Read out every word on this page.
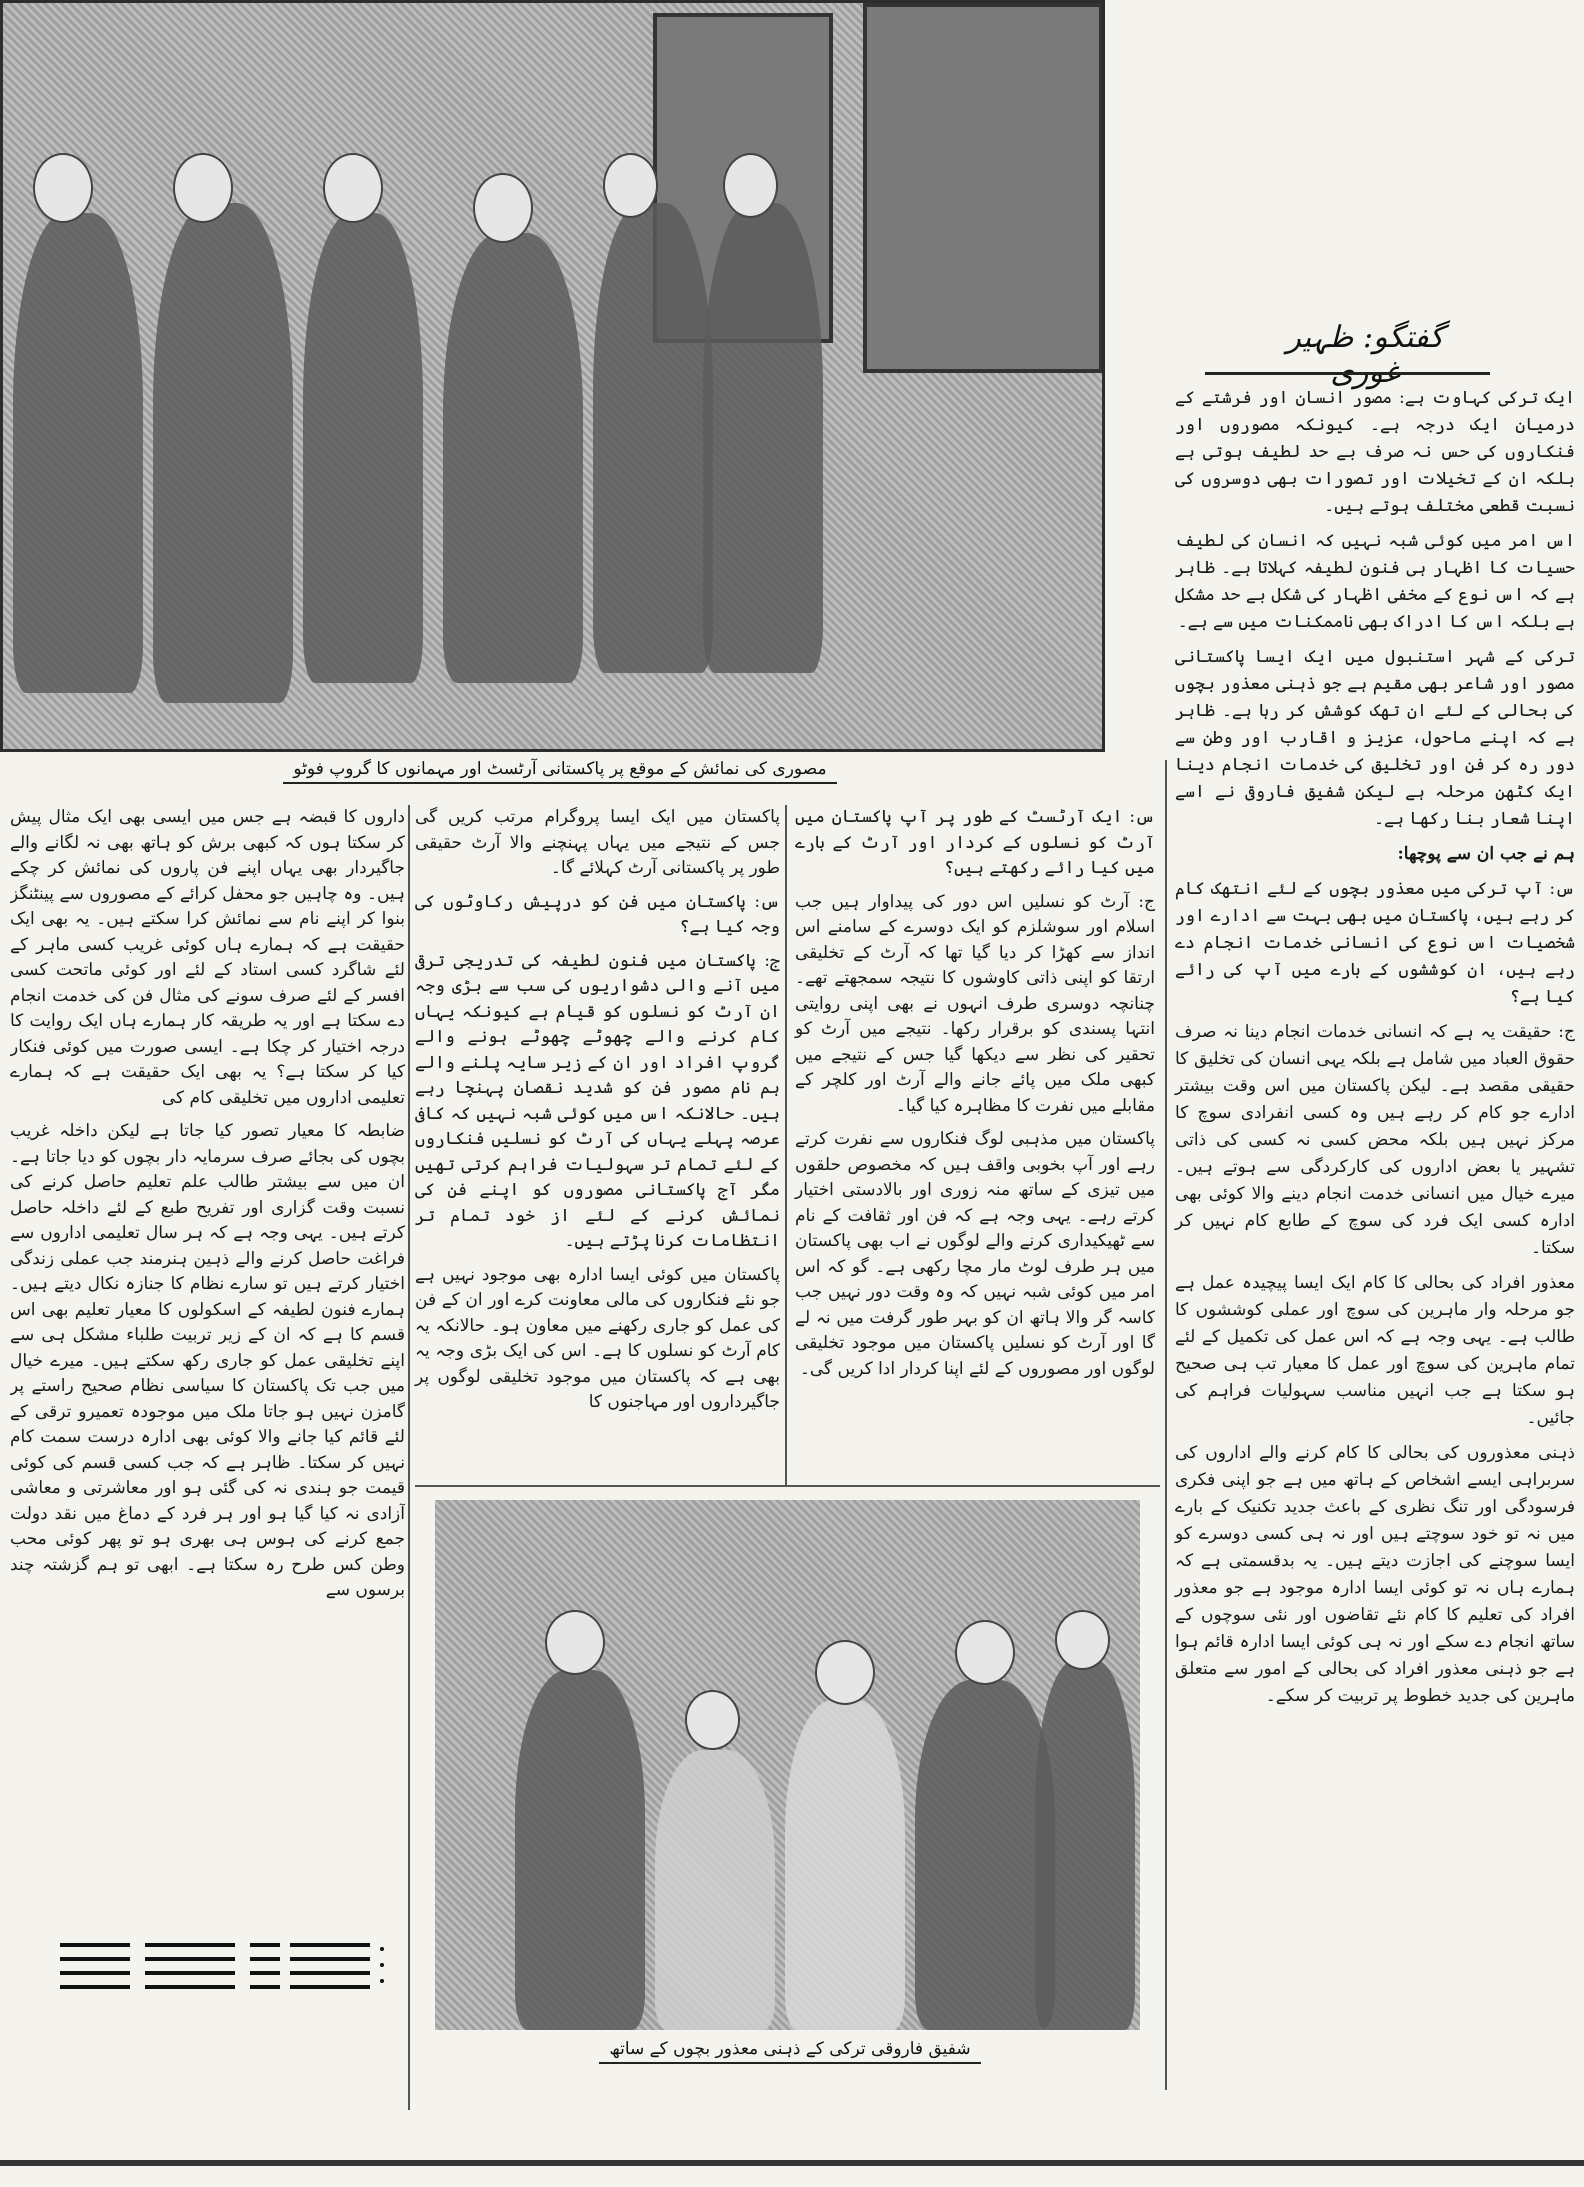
مصوری کی نمائش کے موقع پر پاکستانی آرٹسٹ اور مہمانوں کا گروپ فوٹو
گفتگو: ظہیر غوری

ایک ترکی کہاوت ہے: مصور انسان اور فرشتے کے درمیان ایک درجہ ہے۔ کیونکہ مصوروں اور فنکاروں کی حس نہ صرف بے حد لطیف ہوتی ہے بلکہ ان کے تخیلات اور تصورات بھی دوسروں کی نسبت قطعی مختلف ہوتے ہیں۔

اس امر میں کوئی شبہ نہیں کہ انسان کی لطیف حسیات کا اظہار ہی فنون لطیفہ کہلاتا ہے۔ ظاہر ہے کہ اس نوع کے مخفی اظہار کی شکل بے حد مشکل ہے بلکہ اس کا ادراک بھی ناممکنات میں سے ہے۔

ترکی کے شہر استنبول میں ایک ایسا پاکستانی مصور اور شاعر بھی مقیم ہے جو ذہنی معذور بچوں کی بحالی کے لئے ان تھک کوشش کر رہا ہے۔ ظاہر ہے کہ اپنے ماحول، عزیز و اقارب اور وطن سے دور رہ کر فن اور تخلیق کی خدمات انجام دینا ایک کٹھن مرحلہ ہے لیکن شفیق فاروقی نے اسے اپنا شعار بنا رکھا ہے۔

ہم نے جب ان سے پوچھا:

س: آپ ترکی میں معذور بچوں کے لئے انتھک کام کر رہے ہیں، پاکستان میں بھی بہت سے ادارے اور شخصیات اس نوع کی انسانی خدمات انجام دے رہے ہیں، ان کوششوں کے بارے میں آپ کی رائے کیا ہے؟

ج: حقیقت یہ ہے کہ انسانی خدمات انجام دینا نہ صرف حقوق العباد میں شامل ہے بلکہ یہی انسان کی تخلیق کا حقیقی مقصد ہے۔ لیکن پاکستان میں اس وقت بیشتر ادارے جو کام کر رہے ہیں وہ کسی انفرادی سوچ کا مرکز نہیں ہیں بلکہ محض کسی نہ کسی کی ذاتی تشہیر یا بعض اداروں کی کارکردگی سے ہوتے ہیں۔ میرے خیال میں انسانی خدمت انجام دینے والا کوئی بھی ادارہ کسی ایک فرد کی سوچ کے طابع کام نہیں کر سکتا۔

معذور افراد کی بحالی کا کام ایک ایسا پیچیدہ عمل ہے جو مرحلہ وار ماہرین کی سوچ اور عملی کوششوں کا طالب ہے۔ یہی وجہ ہے کہ اس عمل کی تکمیل کے لئے تمام ماہرین کی سوچ اور عمل کا معیار تب ہی صحیح ہو سکتا ہے جب انہیں مناسب سہولیات فراہم کی جائیں۔

ذہنی معذوروں کی بحالی کا کام کرنے والے اداروں کی سربراہی ایسے اشخاص کے ہاتھ میں ہے جو اپنی فکری فرسودگی اور تنگ نظری کے باعث جدید تکنیک کے بارے میں نہ تو خود سوچتے ہیں اور نہ ہی کسی دوسرے کو ایسا سوچنے کی اجازت دیتے ہیں۔ یہ بدقسمتی ہے کہ ہمارے ہاں نہ تو کوئی ایسا ادارہ موجود ہے جو معذور افراد کی تعلیم کا کام نئے تقاضوں اور نئی سوچوں کے ساتھ انجام دے سکے اور نہ ہی کوئی ایسا ادارہ قائم ہوا ہے جو ذہنی معذور افراد کی بحالی کے امور سے متعلق ماہرین کی جدید خطوط پر تربیت کر سکے۔

س: ایک آرٹسٹ کے طور پر آپ پاکستان میں آرٹ کو نسلوں کے کردار اور آرٹ کے بارے میں کیا رائے رکھتے ہیں؟

ج: آرٹ کو نسلیں اس دور کی پیداوار ہیں جب اسلام اور سوشلزم کو ایک دوسرے کے سامنے اس انداز سے کھڑا کر دیا گیا تھا کہ آرٹ کے تخلیقی ارتقا کو اپنی ذاتی کاوشوں کا نتیجہ سمجھتے تھے۔ چنانچہ دوسری طرف انہوں نے بھی اپنی روایتی انتہا پسندی کو برقرار رکھا۔ نتیجے میں آرٹ کو تحقیر کی نظر سے دیکھا گیا جس کے نتیجے میں کبھی ملک میں پائے جانے والے آرٹ اور کلچر کے مقابلے میں نفرت کا مظاہرہ کیا گیا۔

پاکستان میں مذہبی لوگ فنکاروں سے نفرت کرتے رہے اور آپ بخوبی واقف ہیں کہ مخصوص حلقوں میں تیزی کے ساتھ منہ زوری اور بالادستی اختیار کرتے رہے۔ یہی وجہ ہے کہ فن اور ثقافت کے نام سے ٹھیکیداری کرنے والے لوگوں نے اب بھی پاکستان میں ہر طرف لوٹ مار مچا رکھی ہے۔ گو کہ اس امر میں کوئی شبہ نہیں کہ وہ وقت دور نہیں جب کاسہ گر والا ہاتھ ان کو بہر طور گرفت میں نہ لے گا اور آرٹ کو نسلیں پاکستان میں موجود تخلیقی لوگوں اور مصوروں کے لئے اپنا کردار ادا کریں گی۔

پاکستان میں ایک ایسا پروگرام مرتب کریں گی جس کے نتیجے میں یہاں پہنچنے والا آرٹ حقیقی طور پر پاکستانی آرٹ کہلائے گا۔

س: پاکستان میں فن کو درپیش رکاوٹوں کی وجہ کیا ہے؟

ج: پاکستان میں فنون لطیفہ کی تدریجی ترقی میں آنے والی دشواریوں کی سب سے بڑی وجہ ان آرٹ کو نسلوں کو قیام ہے کیونکہ یہاں کام کرنے والے چھوٹے چھوٹے ہونے والے گروپ افراد اور ان کے زیر سایہ پلنے والے ہم نام مصور فن کو شدید نقصان پہنچا رہے ہیں۔ حالانکہ اس میں کوئی شبہ نہیں کہ کافی عرصہ پہلے یہاں کی آرٹ کو نسلیں فنکاروں کے لئے تمام تر سہولیات فراہم کرتی تھیں مگر آج پاکستانی مصوروں کو اپنے فن کی نمائش کرنے کے لئے از خود تمام تر انتظامات کرنا پڑتے ہیں۔

پاکستان میں کوئی ایسا ادارہ بھی موجود نہیں ہے جو نئے فنکاروں کی مالی معاونت کرے اور ان کے فن کی عمل کو جاری رکھنے میں معاون ہو۔ حالانکہ یہ کام آرٹ کو نسلوں کا ہے۔ اس کی ایک بڑی وجہ یہ بھی ہے کہ پاکستان میں موجود تخلیقی لوگوں پر جاگیرداروں اور مہاجنوں کا

داروں کا قبضہ ہے جس میں ایسی بھی ایک مثال پیش کر سکتا ہوں کہ کبھی برش کو ہاتھ بھی نہ لگانے والے جاگیردار بھی یہاں اپنے فن پاروں کی نمائش کر چکے ہیں۔ وہ چاہیں جو محفل کرائے کے مصوروں سے پینٹنگز بنوا کر اپنے نام سے نمائش کرا سکتے ہیں۔ یہ بھی ایک حقیقت ہے کہ ہمارے ہاں کوئی غریب کسی ماہر کے لئے شاگرد کسی استاد کے لئے اور کوئی ماتحت کسی افسر کے لئے صرف سونے کی مثال فن کی خدمت انجام دے سکتا ہے اور یہ طریقہ کار ہمارے ہاں ایک روایت کا درجہ اختیار کر چکا ہے۔ ایسی صورت میں کوئی فنکار کیا کر سکتا ہے؟ یہ بھی ایک حقیقت ہے کہ ہمارے تعلیمی اداروں میں تخلیقی کام کی

ضابطہ کا معیار تصور کیا جاتا ہے لیکن داخلہ غریب بچوں کی بجائے صرف سرمایہ دار بچوں کو دیا جاتا ہے۔ ان میں سے بیشتر طالب علم تعلیم حاصل کرنے کی نسبت وقت گزاری اور تفریح طبع کے لئے داخلہ حاصل کرتے ہیں۔ یہی وجہ ہے کہ ہر سال تعلیمی اداروں سے فراغت حاصل کرنے والے ذہین ہنرمند جب عملی زندگی اختیار کرتے ہیں تو سارے نظام کا جنازہ نکال دیتے ہیں۔ ہمارے فنون لطیفہ کے اسکولوں کا معیار تعلیم بھی اس قسم کا ہے کہ ان کے زیر تربیت طلباء مشکل ہی سے اپنے تخلیقی عمل کو جاری رکھ سکتے ہیں۔ میرے خیال میں جب تک پاکستان کا سیاسی نظام صحیح راستے پر گامزن نہیں ہو جاتا ملک میں موجودہ تعمیرو ترقی کے لئے قائم کیا جانے والا کوئی بھی ادارہ درست سمت کام نہیں کر سکتا۔ ظاہر ہے کہ جب کسی قسم کی کوئی قیمت جو ہندی نہ کی گئی ہو اور معاشرتی و معاشی آزادی نہ کیا گیا ہو اور ہر فرد کے دماغ میں نقد دولت جمع کرنے کی ہوس ہی بھری ہو تو پھر کوئی محب وطن کس طرح رہ سکتا ہے۔ ابھی تو ہم گزشتہ چند برسوں سے

شفیق فاروقی ترکی کے ذہنی معذور بچوں کے ساتھ
